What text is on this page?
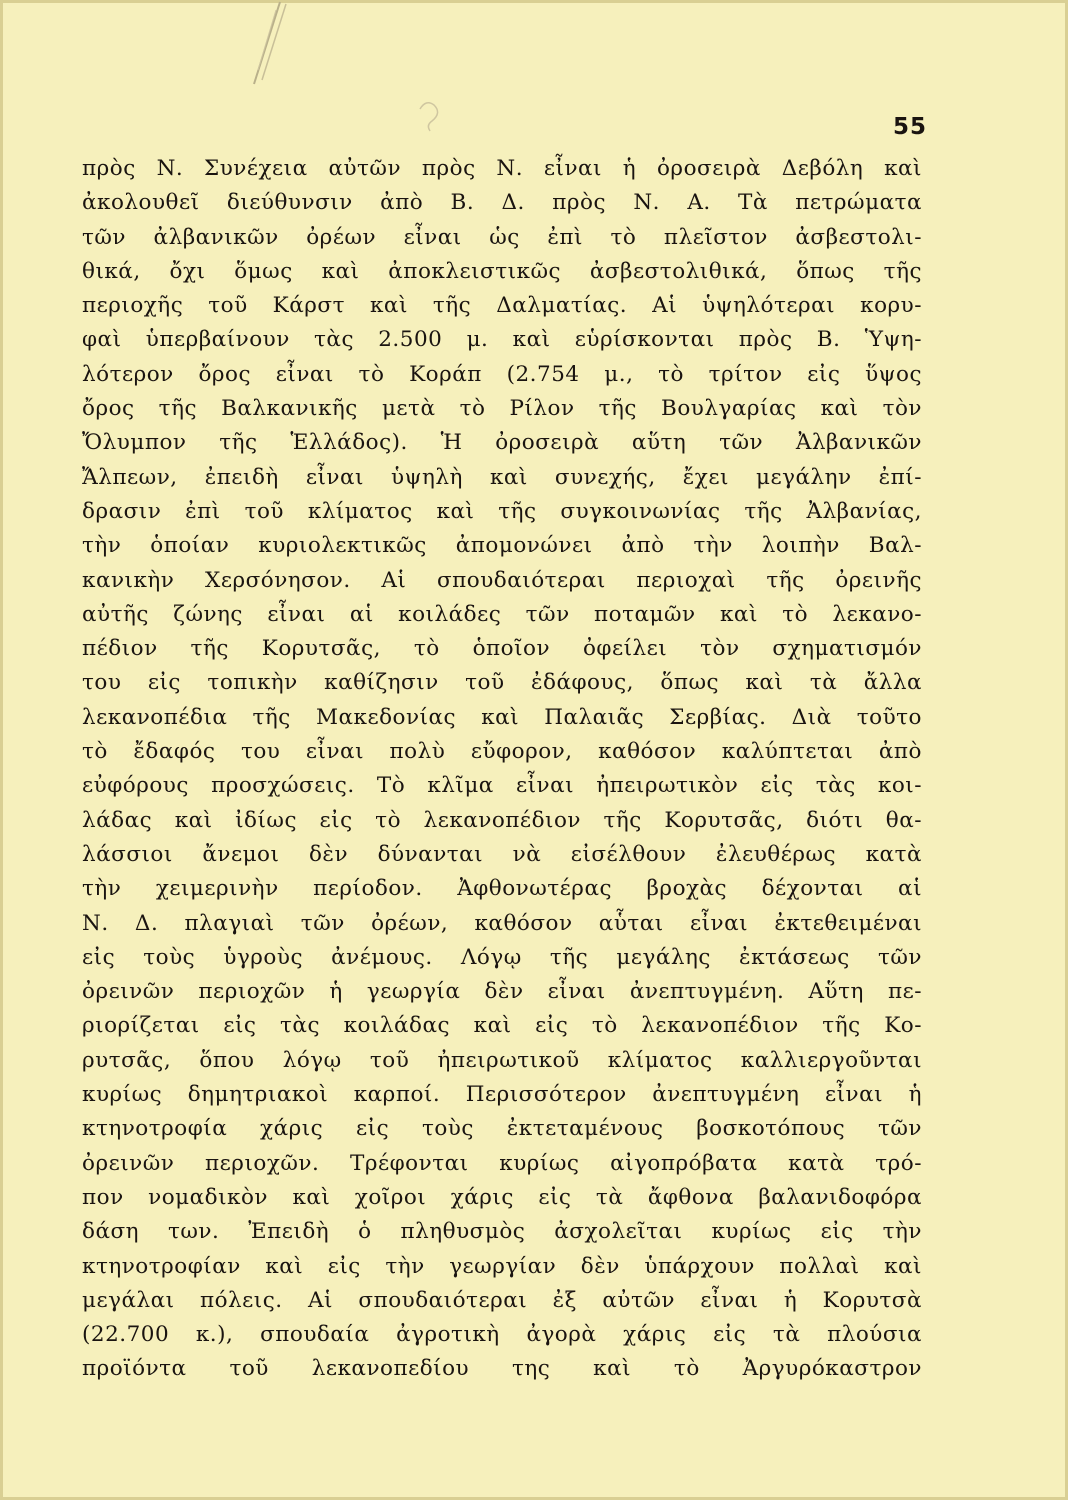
55
πρὸς Ν. Συνέχεια αὐτῶν πρὸς Ν. εἶναι ἡ ὀροσειρὰ Δεβόλη καὶ
ἀκολουθεῖ διεύθυνσιν ἀπὸ Β. Δ. πρὸς Ν. Α. Τὰ πετρώματα
τῶν ἀλβανικῶν ὀρέων εἶναι ὡς ἐπὶ τὸ πλεῖστον ἀσβεστολι-
θικά, ὄχι ὅμως καὶ ἀποκλειστικῶς ἀσβεστολιθικά, ὅπως τῆς
περιοχῆς τοῦ Κάρστ καὶ τῆς Δαλματίας. Αἱ ὑψηλότεραι κορυ-
φαὶ ὑπερβαίνουν τὰς 2.500 μ. καὶ εὑρίσκονται πρὸς Β. Ὑψη-
λότερον ὄρος εἶναι τὸ Κοράπ (2.754 μ., τὸ τρίτον εἰς ὕψος
ὄρος τῆς Βαλκανικῆς μετὰ τὸ Ρίλον τῆς Βουλγαρίας καὶ τὸν
Ὄλυμπον τῆς Ἑλλάδος). Ἡ ὀροσειρὰ αὕτη τῶν Ἀλβανικῶν
Ἄλπεων, ἐπειδὴ εἶναι ὑψηλὴ καὶ συνεχής, ἔχει μεγάλην ἐπί-
δρασιν ἐπὶ τοῦ κλίματος καὶ τῆς συγκοινωνίας τῆς Ἀλβανίας,
τὴν ὁποίαν κυριολεκτικῶς ἀπομονώνει ἀπὸ τὴν λοιπὴν Βαλ-
κανικὴν Χερσόνησον. Αἱ σπουδαιότεραι περιοχαὶ τῆς ὀρεινῆς
αὐτῆς ζώνης εἶναι αἱ κοιλάδες τῶν ποταμῶν καὶ τὸ λεκανο-
πέδιον τῆς Κορυτσᾶς, τὸ ὁποῖον ὀφείλει τὸν σχηματισμόν
του εἰς τοπικὴν καθίζησιν τοῦ ἐδάφους, ὅπως καὶ τὰ ἄλλα
λεκανοπέδια τῆς Μακεδονίας καὶ Παλαιᾶς Σερβίας. Διὰ τοῦτο
τὸ ἔδαφός του εἶναι πολὺ εὔφορον, καθόσον καλύπτεται ἀπὸ
εὐφόρους προσχώσεις. Τὸ κλῖμα εἶναι ἠπειρωτικὸν εἰς τὰς κοι-
λάδας καὶ ἰδίως εἰς τὸ λεκανοπέδιον τῆς Κορυτσᾶς, διότι θα-
λάσσιοι ἄνεμοι δὲν δύνανται νὰ εἰσέλθουν ἐλευθέρως κατὰ
τὴν χειμερινὴν περίοδον. Ἀφθονωτέρας βροχὰς δέχονται αἱ
Ν. Δ. πλαγιαὶ τῶν ὀρέων, καθόσον αὗται εἶναι ἐκτεθειμέναι
εἰς τοὺς ὑγροὺς ἀνέμους. Λόγῳ τῆς μεγάλης ἐκτάσεως τῶν
ὀρεινῶν περιοχῶν ἡ γεωργία δὲν εἶναι ἀνεπτυγμένη. Αὕτη πε-
ριορίζεται εἰς τὰς κοιλάδας καὶ εἰς τὸ λεκανοπέδιον τῆς Κο-
ρυτσᾶς, ὅπου λόγῳ τοῦ ἠπειρωτικοῦ κλίματος καλλιεργοῦνται
κυρίως δημητριακοὶ καρποί. Περισσότερον ἀνεπτυγμένη εἶναι ἡ
κτηνοτροφία χάρις εἰς τοὺς ἐκτεταμένους βοσκοτόπους τῶν
ὀρεινῶν περιοχῶν. Τρέφονται κυρίως αἰγοπρόβατα κατὰ τρό-
πον νομαδικὸν καὶ χοῖροι χάρις εἰς τὰ ἄφθονα βαλανιδοφόρα
δάση των. Ἐπειδὴ ὁ πληθυσμὸς ἀσχολεῖται κυρίως εἰς τὴν
κτηνοτροφίαν καὶ εἰς τὴν γεωργίαν δὲν ὑπάρχουν πολλαὶ καὶ
μεγάλαι πόλεις. Αἱ σπουδαιότεραι ἐξ αὐτῶν εἶναι ἡ Κορυτσὰ
(22.700 κ.), σπουδαία ἀγροτικὴ ἀγορὰ χάρις εἰς τὰ πλούσια
προϊόντα τοῦ λεκανοπεδίου της καὶ τὸ Ἀργυρόκαστρον
